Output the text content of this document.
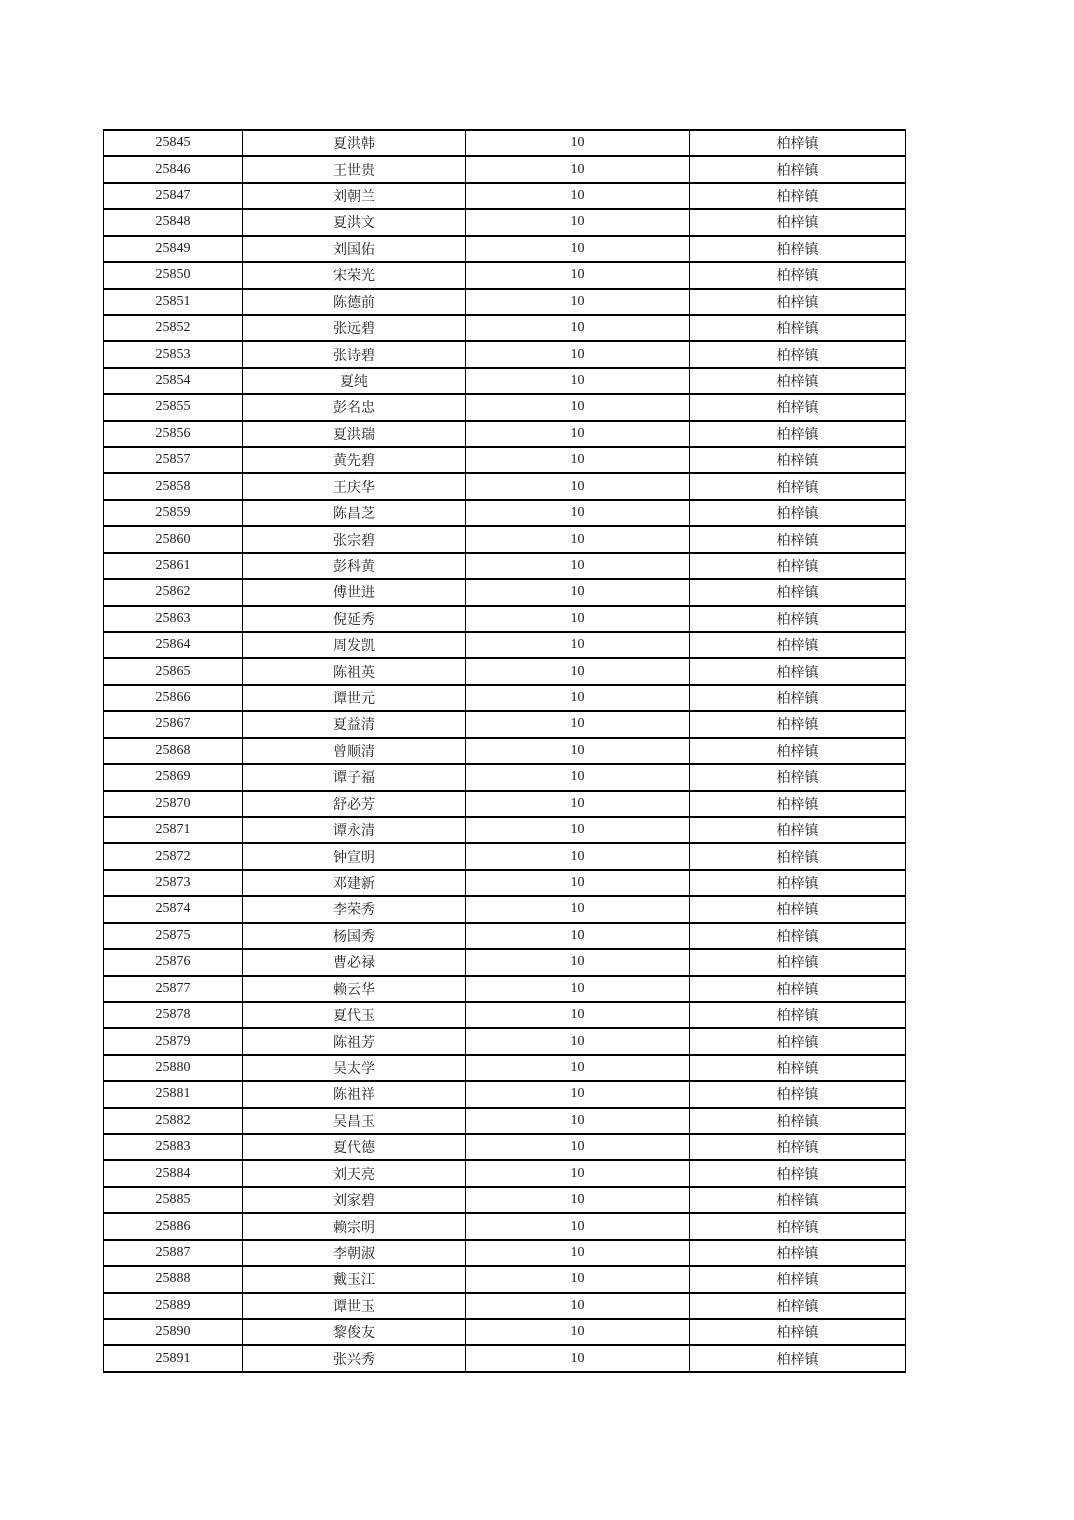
25845	夏洪韩	10	柏梓镇
25846	王世贵	10	柏梓镇
25847	刘朝兰	10	柏梓镇
25848	夏洪文	10	柏梓镇
25849	刘国佑	10	柏梓镇
25850	宋荣光	10	柏梓镇
25851	陈德前	10	柏梓镇
25852	张远碧	10	柏梓镇
25853	张诗碧	10	柏梓镇
25854	夏纯	10	柏梓镇
25855	彭名忠	10	柏梓镇
25856	夏洪瑞	10	柏梓镇
25857	黄先碧	10	柏梓镇
25858	王庆华	10	柏梓镇
25859	陈昌芝	10	柏梓镇
25860	张宗碧	10	柏梓镇
25861	彭科黄	10	柏梓镇
25862	傅世进	10	柏梓镇
25863	倪延秀	10	柏梓镇
25864	周发凯	10	柏梓镇
25865	陈祖英	10	柏梓镇
25866	谭世元	10	柏梓镇
25867	夏益清	10	柏梓镇
25868	曾顺清	10	柏梓镇
25869	谭子福	10	柏梓镇
25870	舒必芳	10	柏梓镇
25871	谭永清	10	柏梓镇
25872	钟宣明	10	柏梓镇
25873	邓建新	10	柏梓镇
25874	李荣秀	10	柏梓镇
25875	杨国秀	10	柏梓镇
25876	曹必禄	10	柏梓镇
25877	赖云华	10	柏梓镇
25878	夏代玉	10	柏梓镇
25879	陈祖芳	10	柏梓镇
25880	吴太学	10	柏梓镇
25881	陈祖祥	10	柏梓镇
25882	吴昌玉	10	柏梓镇
25883	夏代德	10	柏梓镇
25884	刘天亮	10	柏梓镇
25885	刘家碧	10	柏梓镇
25886	赖宗明	10	柏梓镇
25887	李朝淑	10	柏梓镇
25888	戴玉江	10	柏梓镇
25889	谭世玉	10	柏梓镇
25890	黎俊友	10	柏梓镇
25891	张兴秀	10	柏梓镇
